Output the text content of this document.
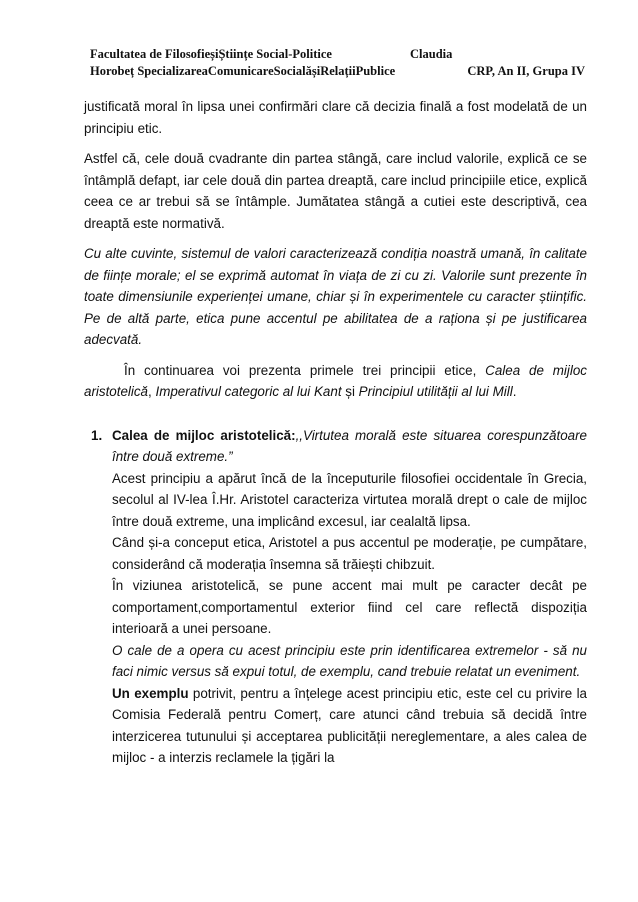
Facultatea de FilosofieșiȘtiințe Social-Politice	Claudia
Horobeț SpecializareaComunicareSocialășiRelațiiPublice	CRP, An II, Grupa IV

justificată moral în lipsa unei confirmări clare că decizia finală a fost modelată de un principiu etic.

Astfel că, cele două cvadrante din partea stângă, care includ valorile, explică ce se întâmplă defapt, iar cele două din partea dreaptă, care includ principiile etice, explică ceea ce ar trebui să se întâmple. Jumătatea stângă a cutiei este descriptivă, cea dreaptă este normativă.

Cu alte cuvinte, sistemul de valori caracterizează condiția noastră umană, în calitate de ființe morale; el se exprimă automat în viața de zi cu zi. Valorile sunt prezente în toate dimensiunile experienței umane, chiar și în experimentele cu caracter științific. Pe de altă parte, etica pune accentul pe abilitatea de a raționa și pe justificarea adecvată.

În continuarea voi prezenta primele trei principii etice, Calea de mijloc aristotelică, Imperativul categoric al lui Kant și Principiul utilității al lui Mill.

1. Calea de mijloc aristotelică:,,Virtutea morală este situarea corespunzătoare între două extreme.”

Acest principiu a apărut încă de la începuturile filosofiei occidentale în Grecia, secolul al IV-lea Î.Hr. Aristotel caracteriza virtutea morală drept o cale de mijloc între două extreme, una implicând excesul, iar cealaltă lipsa.

Când și-a conceput etica, Aristotel a pus accentul pe moderație, pe cumpătare, considerând că moderația însemna să trăiești chibzuit.

În viziunea aristotelică, se pune accent mai mult pe caracter decât pe comportament,comportamentul exterior fiind cel care reflectă dispoziția interioară a unei persoane.

O cale de a opera cu acest principiu este prin identificarea extremelor - să nu faci nimic versus să expui totul, de exemplu, cand trebuie relatat un eveniment.

Un exemplu potrivit, pentru a înțelege acest principiu etic, este cel cu privire la Comisia Federală pentru Comerț, care atunci când trebuia să decidă între interzicerea tutunului și acceptarea publicității nereglementare, a ales calea de mijloc - a interzis reclamele la țigări la
